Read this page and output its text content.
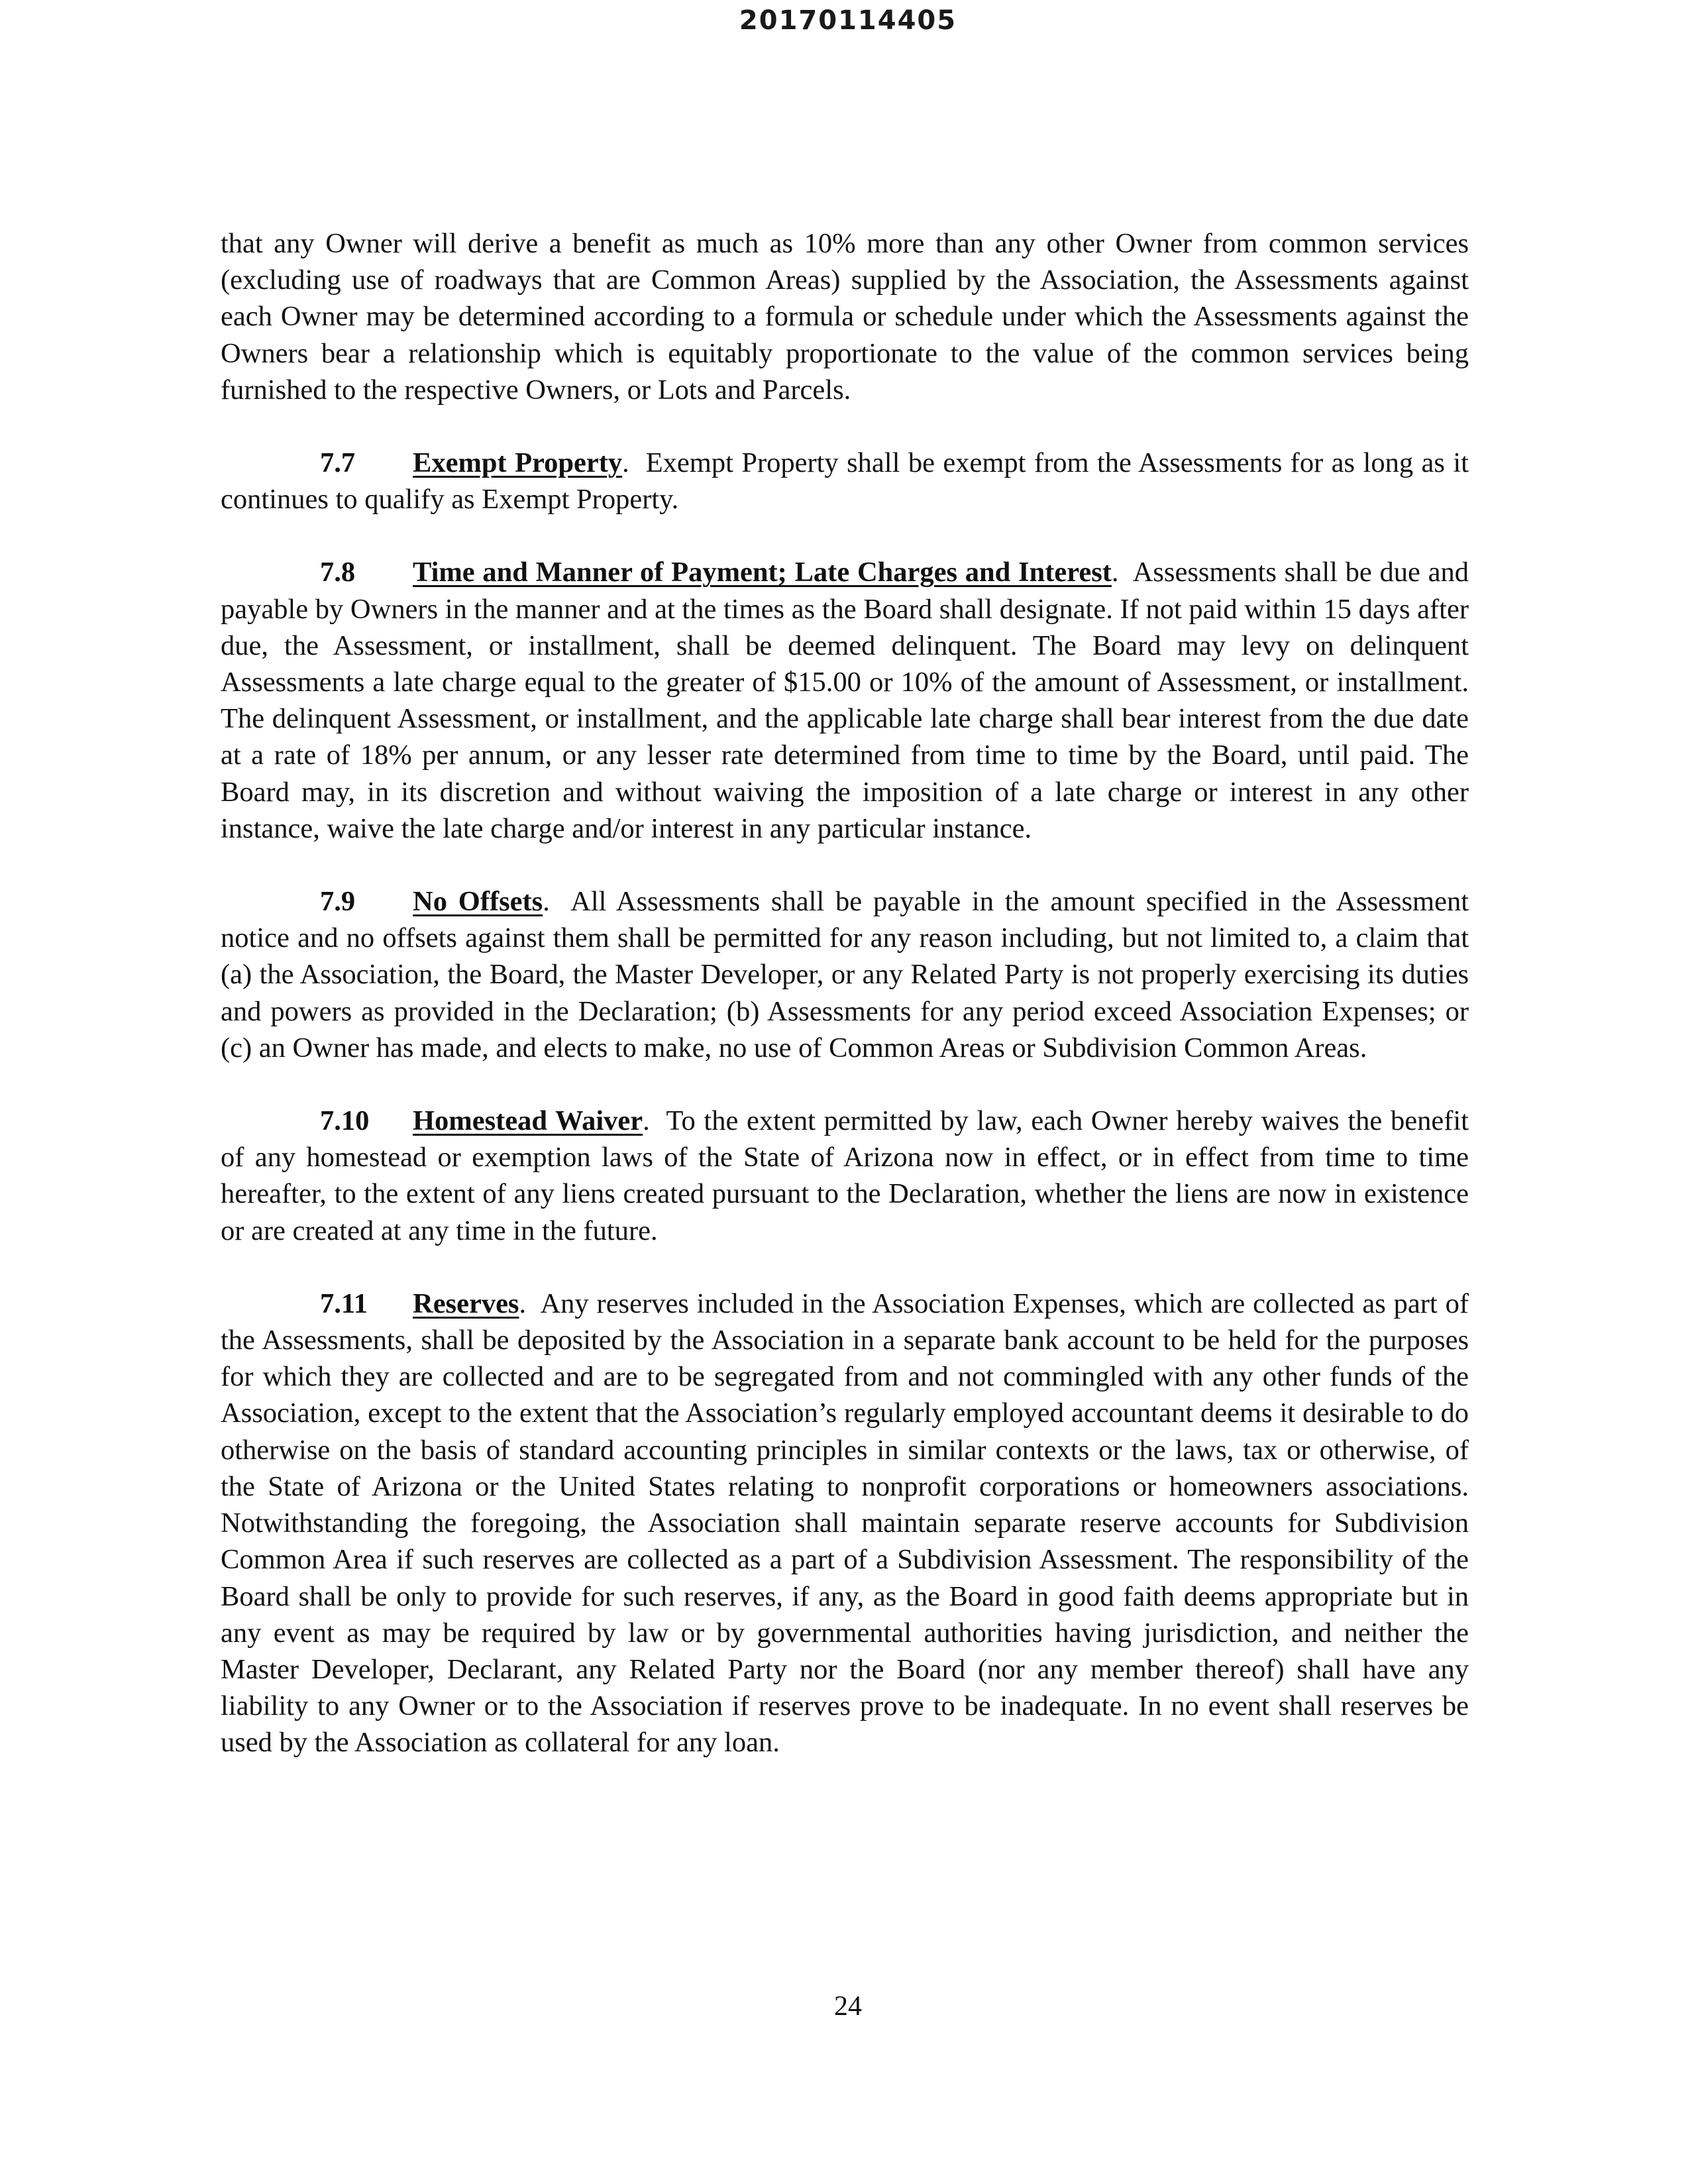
20170114405

that any Owner will derive a benefit as much as 10% more than any other Owner from common services (excluding use of roadways that are Common Areas) supplied by the Association, the Assessments against each Owner may be determined according to a formula or schedule under which the Assessments against the Owners bear a relationship which is equitably proportionate to the value of the common services being furnished to the respective Owners, or Lots and Parcels.

7.7 Exempt Property.  Exempt Property shall be exempt from the Assessments for as long as it continues to qualify as Exempt Property.

7.8 Time and Manner of Payment; Late Charges and Interest.  Assessments shall be due and payable by Owners in the manner and at the times as the Board shall designate. If not paid within 15 days after due, the Assessment, or installment, shall be deemed delinquent. The Board may levy on delinquent Assessments a late charge equal to the greater of $15.00 or 10% of the amount of Assessment, or installment. The delinquent Assessment, or installment, and the applicable late charge shall bear interest from the due date at a rate of 18% per annum, or any lesser rate determined from time to time by the Board, until paid. The Board may, in its discretion and without waiving the imposition of a late charge or interest in any other instance, waive the late charge and/or interest in any particular instance.

7.9 No Offsets.  All Assessments shall be payable in the amount specified in the Assessment notice and no offsets against them shall be permitted for any reason including, but not limited to, a claim that (a) the Association, the Board, the Master Developer, or any Related Party is not properly exercising its duties and powers as provided in the Declaration; (b) Assessments for any period exceed Association Expenses; or (c) an Owner has made, and elects to make, no use of Common Areas or Subdivision Common Areas.

7.10 Homestead Waiver.  To the extent permitted by law, each Owner hereby waives the benefit of any homestead or exemption laws of the State of Arizona now in effect, or in effect from time to time hereafter, to the extent of any liens created pursuant to the Declaration, whether the liens are now in existence or are created at any time in the future.

7.11 Reserves.  Any reserves included in the Association Expenses, which are collected as part of the Assessments, shall be deposited by the Association in a separate bank account to be held for the purposes for which they are collected and are to be segregated from and not commingled with any other funds of the Association, except to the extent that the Association’s regularly employed accountant deems it desirable to do otherwise on the basis of standard accounting principles in similar contexts or the laws, tax or otherwise, of the State of Arizona or the United States relating to nonprofit corporations or homeowners associations. Notwithstanding the foregoing, the Association shall maintain separate reserve accounts for Subdivision Common Area if such reserves are collected as a part of a Subdivision Assessment. The responsibility of the Board shall be only to provide for such reserves, if any, as the Board in good faith deems appropriate but in any event as may be required by law or by governmental authorities having jurisdiction, and neither the Master Developer, Declarant, any Related Party nor the Board (nor any member thereof) shall have any liability to any Owner or to the Association if reserves prove to be inadequate. In no event shall reserves be used by the Association as collateral for any loan.

24
